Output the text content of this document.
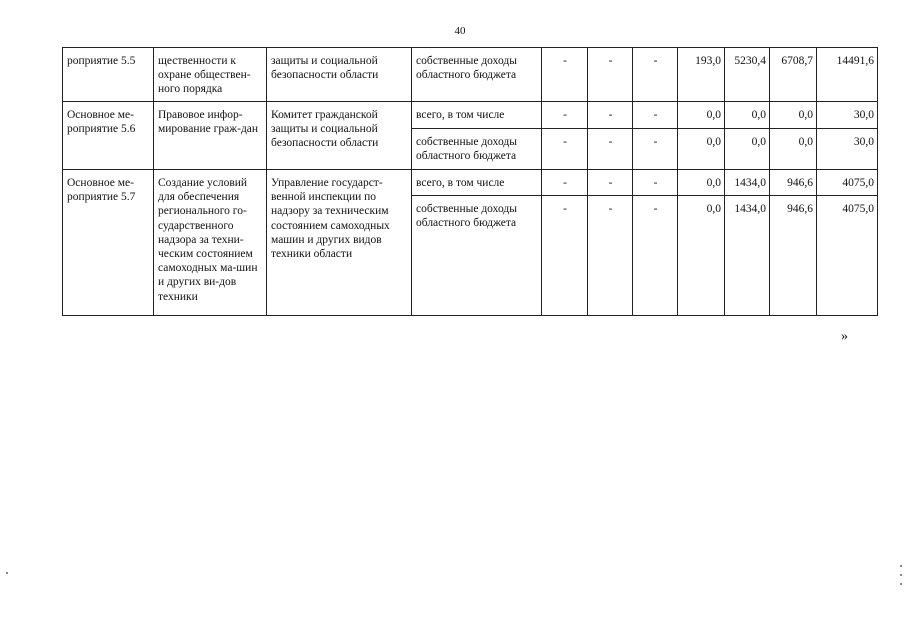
40
роприятие 5.5	щественности к охране обществен-ного порядка	защиты и социальной безопасности области	собственные доходы областного бюджета	-	-	-	193,0	5230,4	6708,7	14491,6
Основное ме-роприятие 5.6	Правовое инфор-мирование граж-дан	Комитет гражданской защиты и социальной безопасности области	всего, в том числе	-	-	-	0,0	0,0	0,0	30,0
			собственные доходы областного бюджета	-	-	-	0,0	0,0	0,0	30,0
Основное ме-роприятие 5.7	Создание условий для обеспечения регионального го-сударственного надзора за техни-ческим состоянием самоходных ма-шин и других ви-дов техники	Управление государст-венной инспекции по надзору за техническим состоянием самоходных машин и других видов техники области	всего, в том числе	-	-	-	0,0	1434,0	946,6	4075,0
			собственные доходы областного бюджета	-	-	-	0,0	1434,0	946,6	4075,0
»
